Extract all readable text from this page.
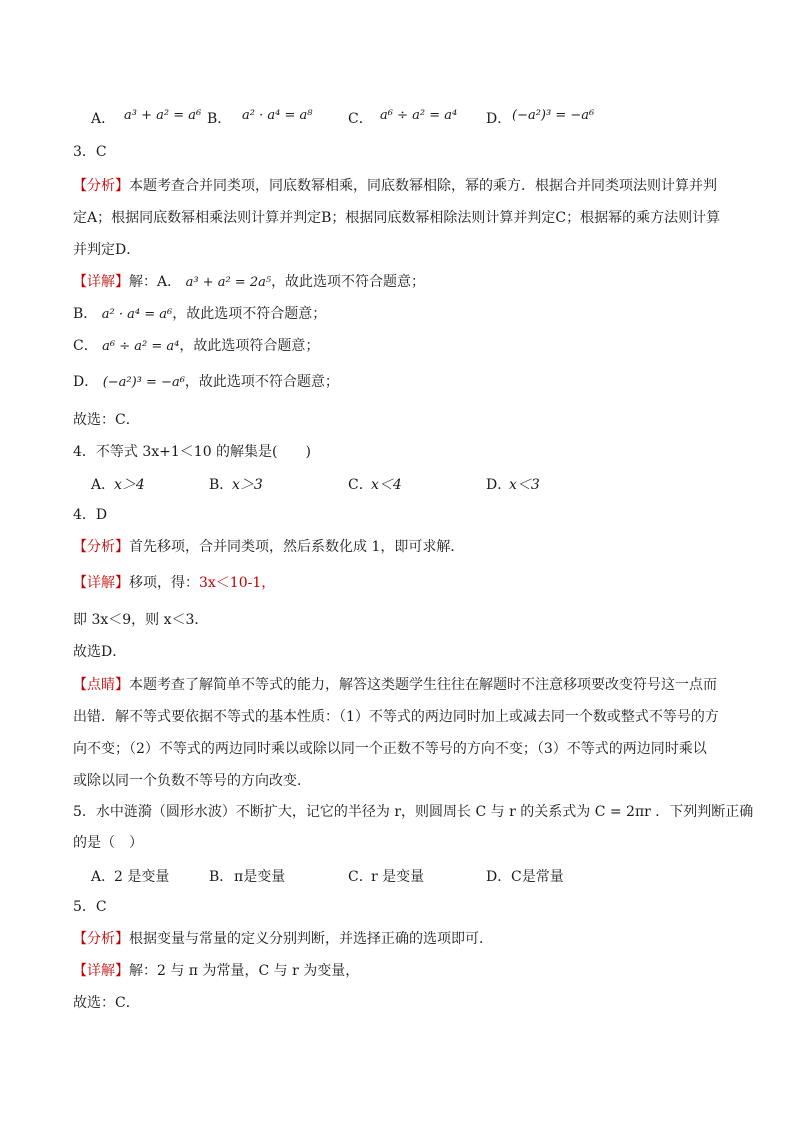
A． a³ + a² = a⁶ B． a² · a⁴ = a⁸	C． a⁶ ÷ a² = a⁴ D． (−a²)³ = −a⁶
3．C
【分析】本题考查合并同类项，同底数幂相乘，同底数幂相除，幂的乘方．根据合并同类项法则计算并判
定A；根据同底数幂相乘法则计算并判定B；根据同底数幂相除法则计算并判定C；根据幂的乘方法则计算
并判定D．
【详解】解：A． a³ + a² = 2a⁵，故此选项不符合题意；
B． a² · a⁴ = a⁶，故此选项不符合题意；
C． a⁶ ÷ a² = a⁴，故此选项符合题意；
D． (−a²)³ = −a⁶，故此选项不符合题意；
故选：C．
4．不等式 3x+1＜10 的解集是(　　)
A．
x＞4	B．
x＞3	C．
x＜4	D．
x＜3
4．D
【分析】首先移项，合并同类项，然后系数化成 1，即可求解．
【详解】移项，得：3x＜10-1，
即 3x＜9，则 x＜3．
故选D．
【点睛】本题考查了解简单不等式的能力，解答这类题学生往往在解题时不注意移项要改变符号这一点而
出错．解不等式要依据不等式的基本性质：（1）不等式的两边同时加上或减去同一个数或整式不等号的方
向不变；（2）不等式的两边同时乘以或除以同一个正数不等号的方向不变；（3）不等式的两边同时乘以
或除以同一个负数不等号的方向改变．
5．水中涟漪（圆形水波）不断扩大，记它的半径为 r，则圆周长 C 与 r 的关系式为 C = 2πr ．下列判断正确
的是（　）
A．
2 是变量	B． π是变量	C．
r 是变量	D． C是常量
5．C
【分析】根据变量与常量的定义分别判断，并选择正确的选项即可．
【详解】解：2 与 π 为常量，C 与 r 为变量，
故选：C．
